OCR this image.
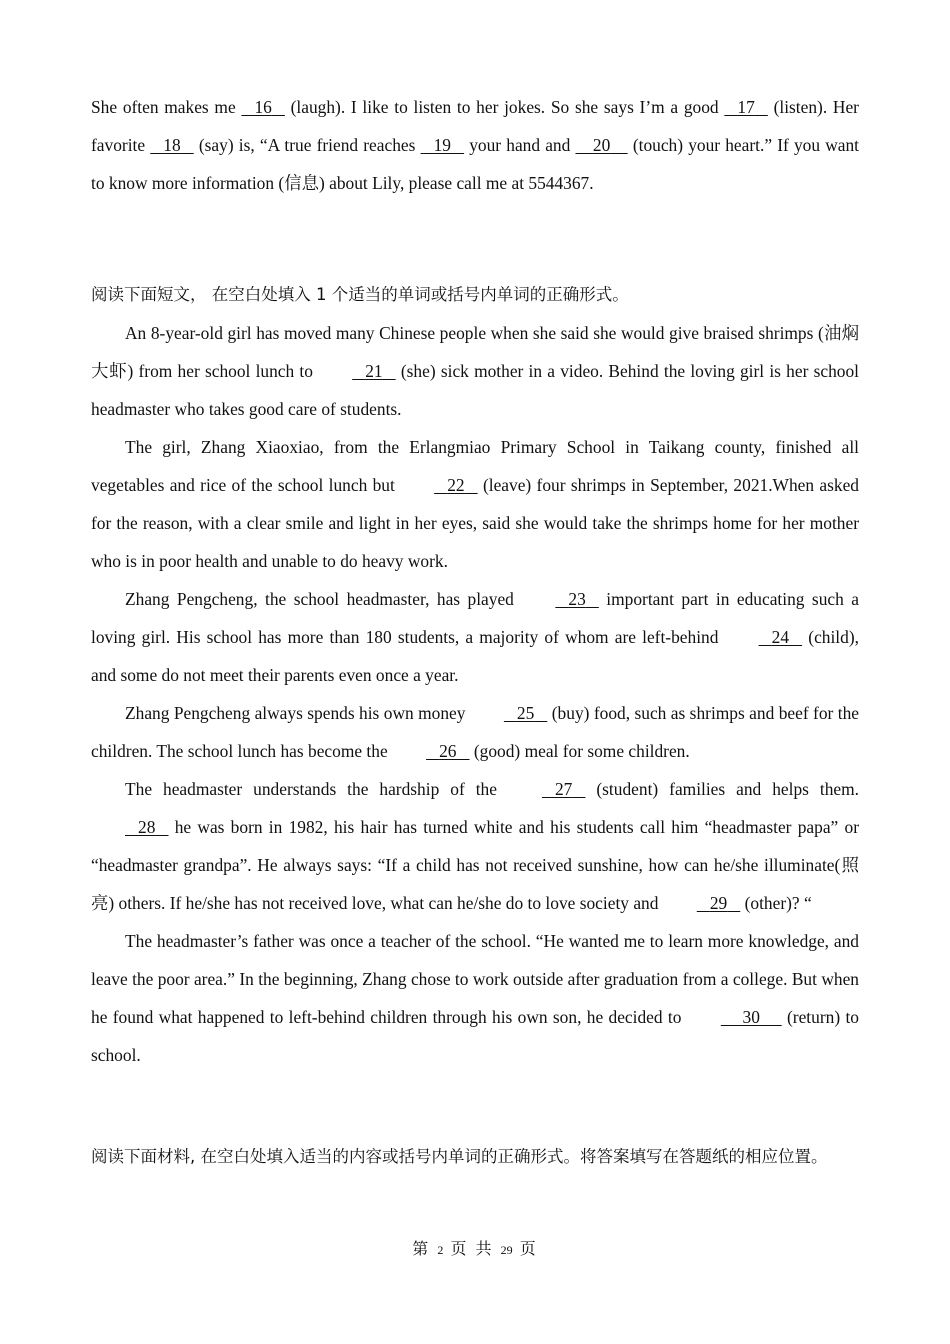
She often makes me    16    (laugh). I like to listen to her jokes. So she says I’m a good    17    (listen). Her favorite    18    (say) is, “A true friend reaches    19    your hand and     20     (touch) your heart.” If you want to know more information (信息) about Lily, please call me at 5544367.

阅读下面短文， 在空白处填入 1 个适当的单词或括号内单词的正确形式。

An 8-year-old girl has moved many Chinese people when she said she would give braised shrimps (油焖大虾) from her school lunch to	21    (she) sick mother in a video. Behind the loving girl is her school headmaster who takes good care of students.

The girl, Zhang Xiaoxiao, from the Erlangmiao Primary School in Taikang county, finished all vegetables and rice of the school lunch but	22    (leave) four shrimps in September, 2021.When asked for the reason, with a clear smile and light in her eyes, said she would take the shrimps home for her mother who is in poor health and unable to do heavy work.

Zhang Pengcheng, the school headmaster, has played	23    important part in educating such a loving girl. His school has more than 180 students, a majority of whom are left-behind	24    (child), and some do not meet their parents even once a year.

Zhang Pengcheng always spends his own money	25    (buy) food, such as shrimps and beef for the children. The school lunch has become the	26    (good) meal for some children.

The headmaster understands the hardship of the	27    (student) families and helps them.    28    he was born in 1982, his hair has turned white and his students call him “headmaster papa” or “headmaster grandpa”. He always says: “If a child has not received sunshine, how can he/she illuminate(照亮) others. If he/she has not received love, what can he/she do to love society and	29    (other)? “

The headmaster’s father was once a teacher of the school. “He wanted me to learn more knowledge, and leave the poor area.” In the beginning, Zhang chose to work outside after graduation from a college. But when he found what happened to left-behind children through his own son, he decided to	30      (return) to school.

阅读下面材料, 在空白处填入适当的内容或括号内单词的正确形式。将答案填写在答题纸的相应位置。

第 2 页 共 29 页
